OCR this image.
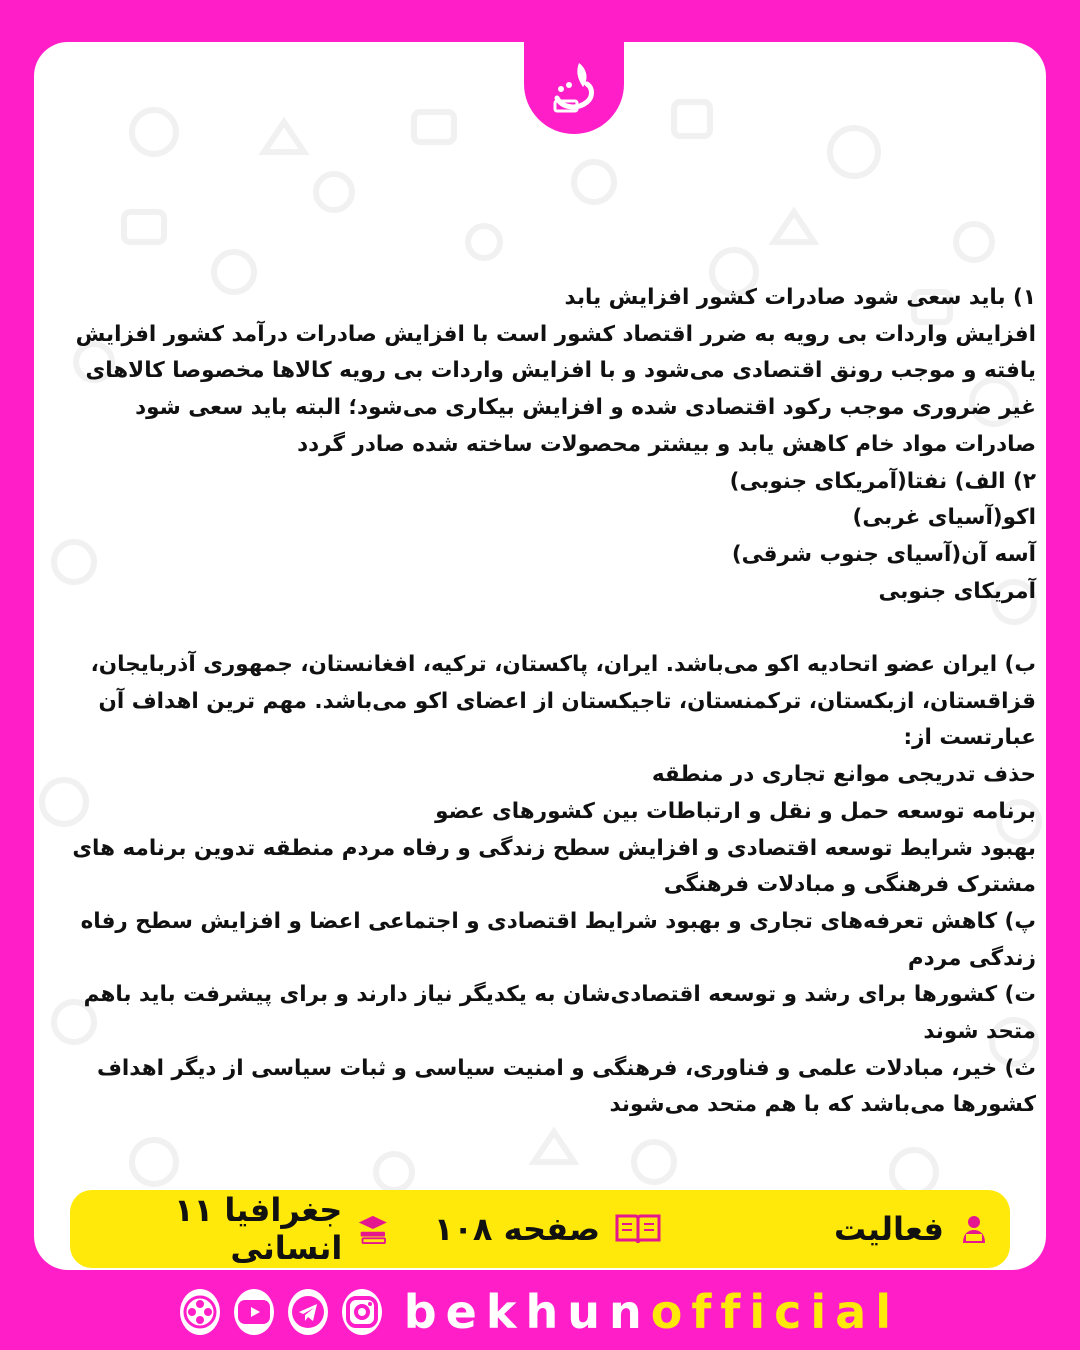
۱) باید سعی شود صادرات کشور افزایش یابد

افزایش واردات بی رویه به ضرر اقتصاد کشور است با افزایش صادرات درآمد کشور افزایش یافته و موجب رونق اقتصادی می‌شود و با افزایش واردات بی رویه کالاها مخصوصا کالاهای غیر ضروری موجب رکود اقتصادی شده و افزایش بیکاری می‌شود؛ البته باید سعی شود صادرات مواد خام کاهش یابد و بیشتر محصولات ساخته شده صادر گردد

۲) الف) نفتا(آمریکای جنوبی)

اکو(آسیای غربی)

آسه آن(آسیای جنوب شرقی)

آمریکای جنوبی

ب) ایران عضو اتحادیه اکو می‌باشد. ایران، پاکستان، ترکیه، افغانستان، جمهوری آذربایجان، قزاقستان، ازبکستان، ترکمنستان، تاجیکستان از اعضای اکو می‌باشد. مهم ترین اهداف آن عبارتست از:

حذف تدریجی موانع تجاری در منطقه

برنامه توسعه حمل و نقل و ارتباطات بین کشورهای عضو

بهبود شرایط توسعه اقتصادی و افزایش سطح زندگی و رفاه مردم منطقه تدوین برنامه های مشترک فرهنگی و مبادلات فرهنگی

پ) کاهش تعرفه‌های تجاری و بهبود شرایط اقتصادی و اجتماعی اعضا و افزایش سطح رفاه زندگی مردم

ت) کشورها برای رشد و توسعه اقتصادی‌شان به یکدیگر نیاز دارند و برای پیشرفت باید باهم متحد شوند

ث) خیر، مبادلات علمی و فناوری، فرهنگی و امنیت سیاسی و ثبات سیاسی از دیگر اهداف کشورها می‌باشد که با هم متحد می‌شوند

فعالیت
صفحه ۱۰۸
جغرافیا ۱۱ انسانی
bekhunofficial
